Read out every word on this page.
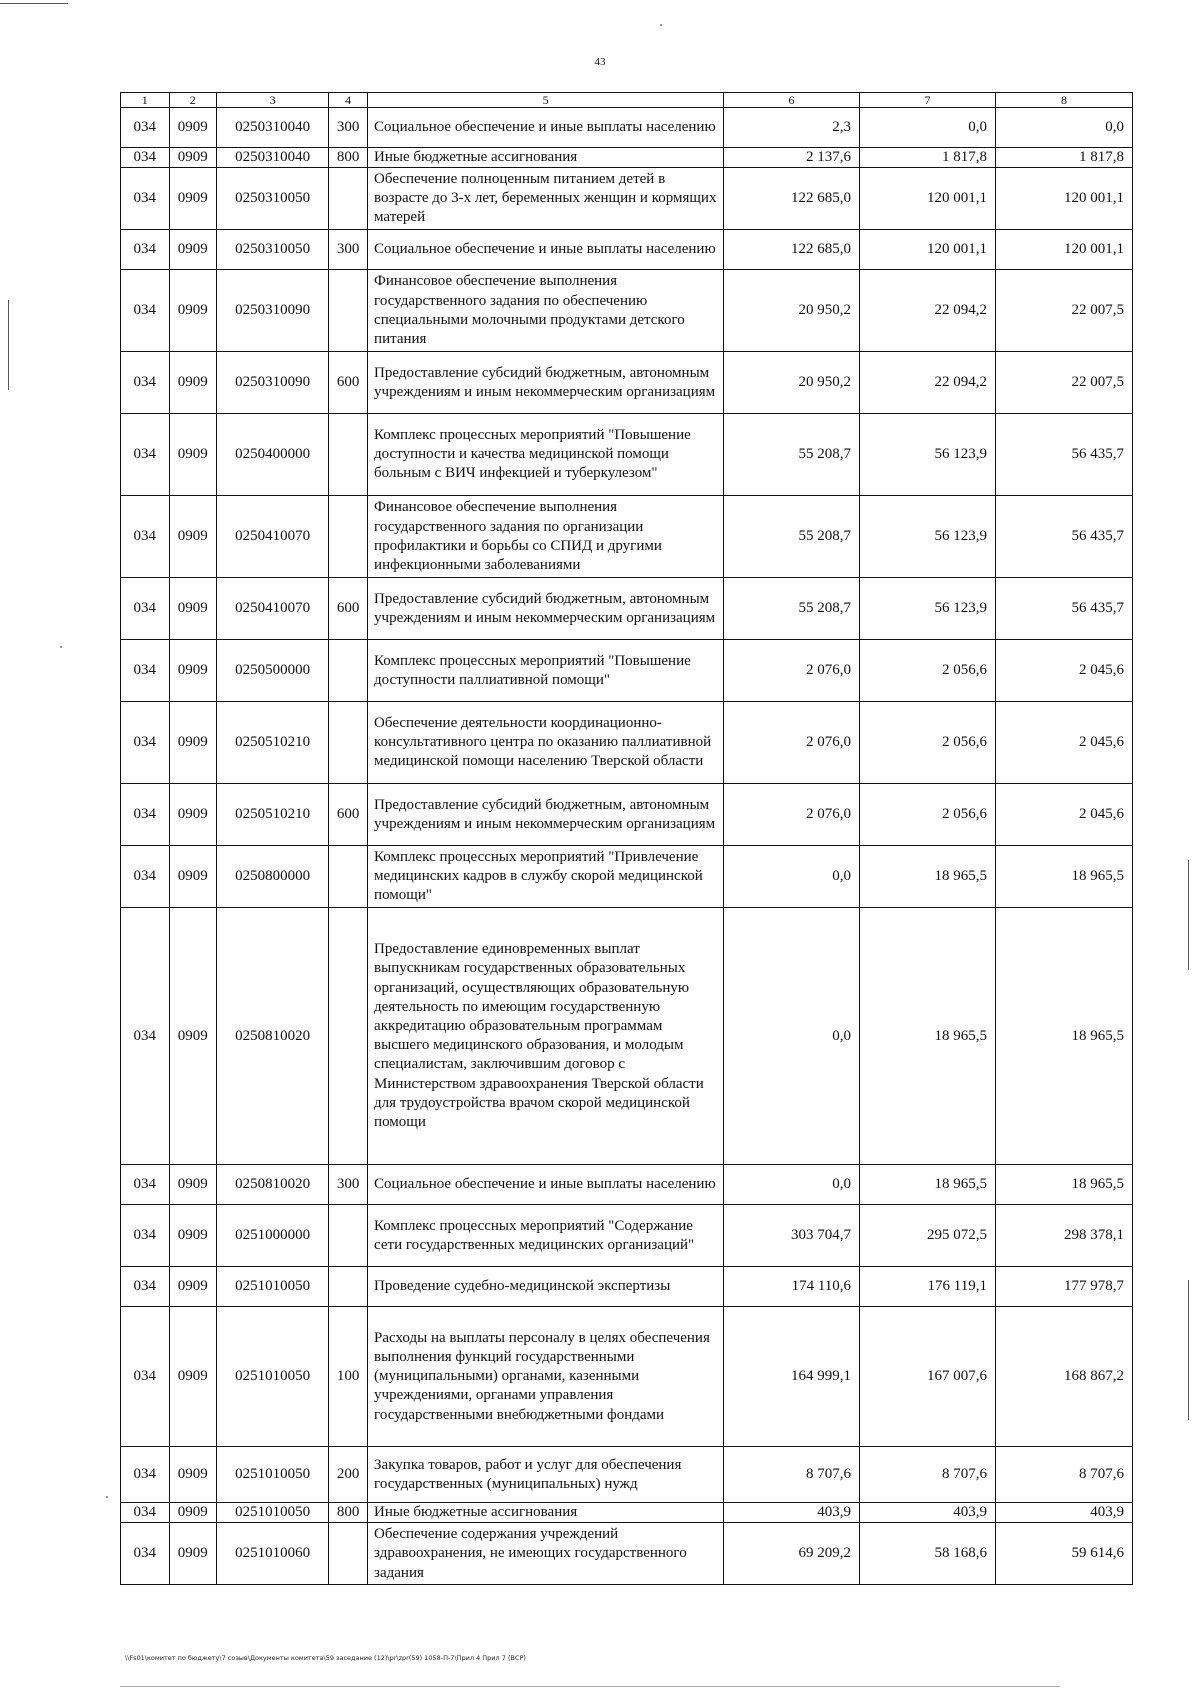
43
1	2	3	4	5	6	7	8
034	0909	0250310040	300	Социальное обеспечение и иные выплаты населению	2,3	0,0	0,0
034	0909	0250310040	800	Иные бюджетные ассигнования	2 137,6	1 817,8	1 817,8
034	0909	0250310050		Обеспечение полноценным питанием детей в возрасте до 3-х лет, беременных женщин и кормящих матерей	122 685,0	120 001,1	120 001,1
034	0909	0250310050	300	Социальное обеспечение и иные выплаты населению	122 685,0	120 001,1	120 001,1
034	0909	0250310090		Финансовое обеспечение выполнения государственного задания по обеспечению специальными молочными продуктами детского питания	20 950,2	22 094,2	22 007,5
034	0909	0250310090	600	Предоставление субсидий бюджетным, автономным учреждениям и иным некоммерческим организациям	20 950,2	22 094,2	22 007,5
034	0909	0250400000		Комплекс процессных мероприятий "Повышение доступности и качества медицинской помощи больным с ВИЧ инфекцией и туберкулезом"	55 208,7	56 123,9	56 435,7
034	0909	0250410070		Финансовое обеспечение выполнения государственного задания по организации профилактики и борьбы со СПИД и другими инфекционными заболеваниями	55 208,7	56 123,9	56 435,7
034	0909	0250410070	600	Предоставление субсидий бюджетным, автономным учреждениям и иным некоммерческим организациям	55 208,7	56 123,9	56 435,7
034	0909	0250500000		Комплекс процессных мероприятий "Повышение доступности паллиативной помощи"	2 076,0	2 056,6	2 045,6
034	0909	0250510210		Обеспечение деятельности координационно-консультативного центра по оказанию паллиативной медицинской помощи населению Тверской области	2 076,0	2 056,6	2 045,6
034	0909	0250510210	600	Предоставление субсидий бюджетным, автономным учреждениям и иным некоммерческим организациям	2 076,0	2 056,6	2 045,6
034	0909	0250800000		Комплекс процессных мероприятий "Привлечение медицинских кадров в службу скорой медицинской помощи"	0,0	18 965,5	18 965,5
034	0909	0250810020		Предоставление единовременных выплат выпускникам государственных образовательных организаций, осуществляющих образовательную деятельность по имеющим государственную аккредитацию образовательным программам высшего медицинского образования, и молодым специалистам, заключившим договор с Министерством здравоохранения Тверской области для трудоустройства врачом скорой медицинской помощи	0,0	18 965,5	18 965,5
034	0909	0250810020	300	Социальное обеспечение и иные выплаты населению	0,0	18 965,5	18 965,5
034	0909	0251000000		Комплекс процессных мероприятий "Содержание сети государственных медицинских организаций"	303 704,7	295 072,5	298 378,1
034	0909	0251010050		Проведение судебно-медицинской экспертизы	174 110,6	176 119,1	177 978,7
034	0909	0251010050	100	Расходы на выплаты персоналу в целях обеспечения выполнения функций государственными (муниципальными) органами, казенными учреждениями, органами управления государственными внебюджетными фондами	164 999,1	167 007,6	168 867,2
034	0909	0251010050	200	Закупка товаров, работ и услуг для обеспечения государственных (муниципальных) нужд	8 707,6	8 707,6	8 707,6
034	0909	0251010050	800	Иные бюджетные ассигнования	403,9	403,9	403,9
034	0909	0251010060		Обеспечение содержания учреждений здравоохранения, не имеющих государственного задания	69 209,2	58 168,6	59 614,6
\\Fs01\комитет по бюджету\7 созыв\Документы комитета\59 заседание (12)\pr\zpr(59) 1058-П-7\Прил 4 Прил 7 (ВСР)
